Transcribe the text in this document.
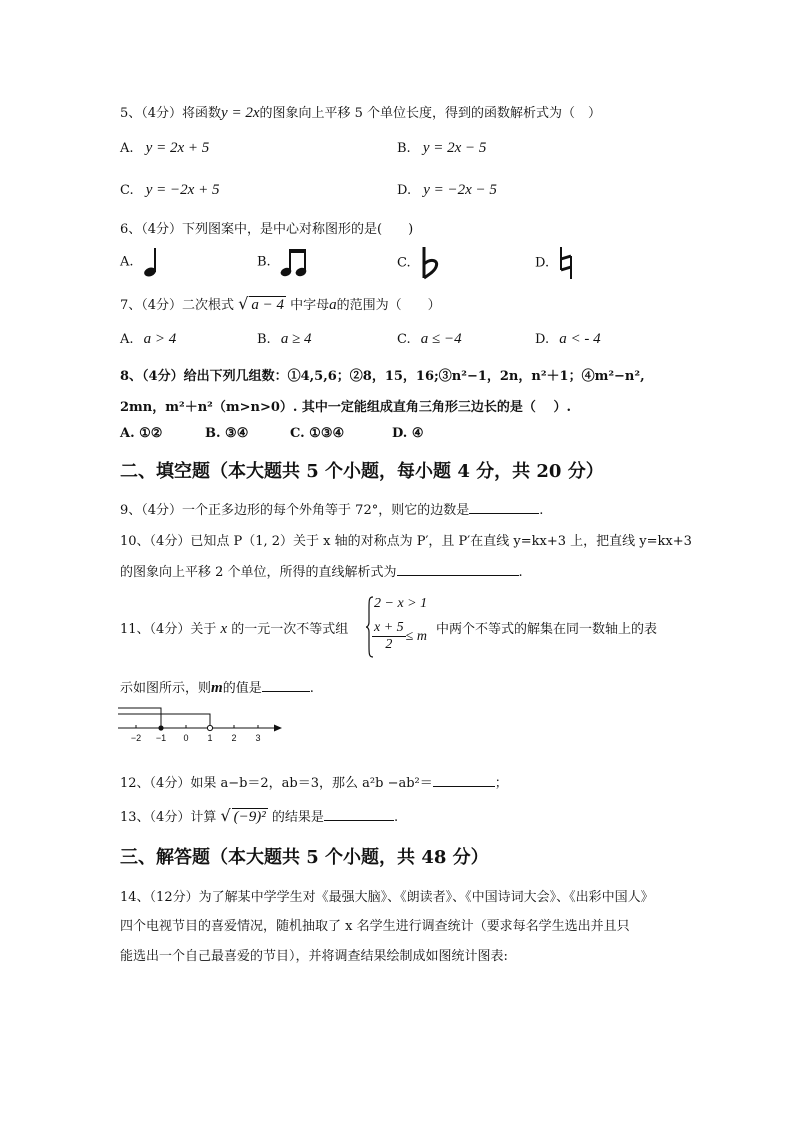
5、（4分）将函数y = 2x的图象向上平移 5 个单位长度，得到的函数解析式为（　）
A. y = 2x + 5	B. y = 2x − 5
C. y = −2x + 5	D. y = −2x − 5
6、（4分）下列图案中，是中心对称图形的是(　　)
A.	B.	C.	D.
7、（4分）二次根式 √ a − 4 中字母a的范围为（　　）
A. a > 4	B. a ≥ 4	C. a ≤ −4	D. a < - 4
8、（4分）给出下列几组数：①4,5,6；②8，15，16;③n²−1，2n，n²＋1；④m²−n²,
2mn，m²＋n²（m>n>0）. 其中一定能组成直角三角形三边长的是（　 ）.
A. ①②	B. ③④	C. ①③④	D. ④
二、填空题（本大题共 5 个小题，每小题 4 分，共 20 分）
9、（4分）一个正多边形的每个外角等于 72°，则它的边数是	.
10、（4分）已知点 P（1, 2）关于 x 轴的对称点为 P′，且 P′在直线 y=kx+3 上，把直线 y=kx+3
的图象向上平移 2 个单位，所得的直线解析式为	.
11、（4分）关于 x 的一元一次不等式组
2 − x > 1
$\frac{x + 5}{2} \le m$ 中两个不等式的解集在同一数轴上的表
示如图所示，则m的值是	.
−2 −1 0 1 2 3
12、（4分）如果 a−b＝2，ab＝3，那么 a²b −ab²＝	；
13、（4分）计算 √ (−9)² 的结果是	.
三、解答题（本大题共 5 个小题，共 48 分）
14、（12分）为了解某中学学生对《最强大脑》、《朗读者》、《中国诗词大会》、《出彩中国人》
四个电视节目的喜爱情况，随机抽取了 x 名学生进行调查统计（要求每名学生选出并且只
能选出一个自己最喜爱的节目），并将调查结果绘制成如图统计图表:
